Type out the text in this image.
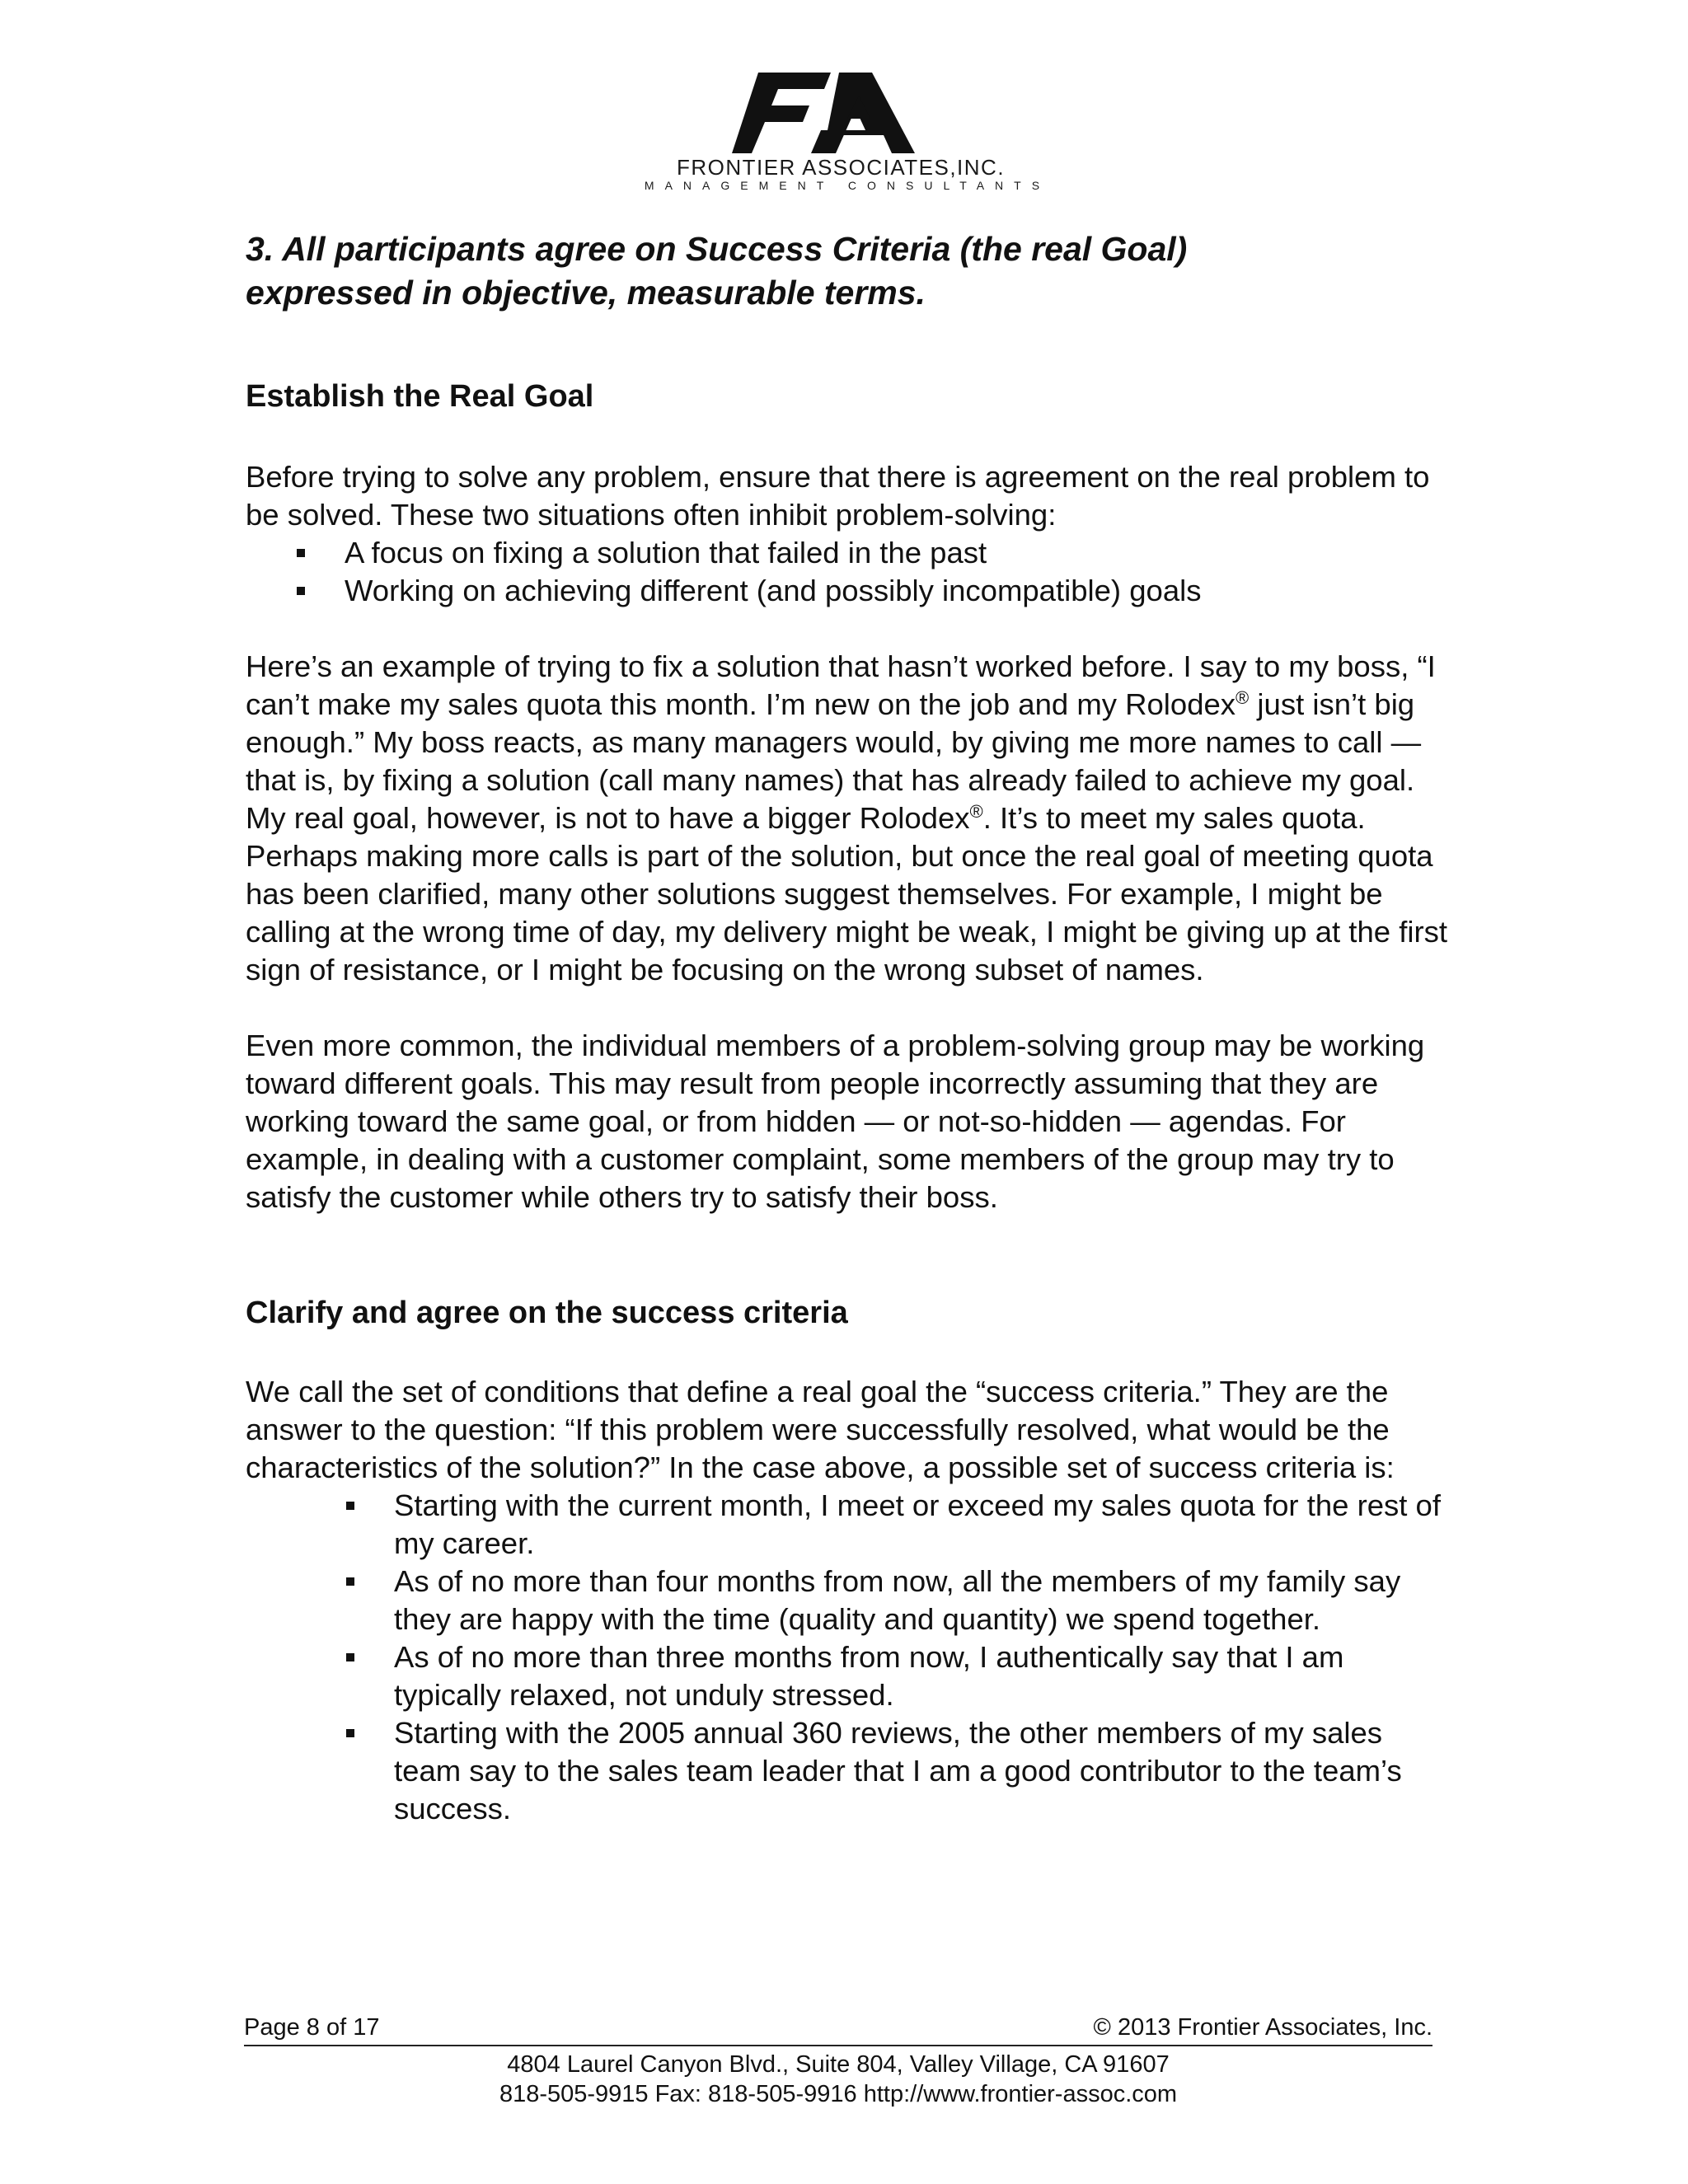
FRONTIER ASSOCIATES,INC.
MANAGEMENT CONSULTANTS
3. All participants agree on Success Criteria (the real Goal)
expressed in objective, measurable terms.
Establish the Real Goal

Before trying to solve any problem, ensure that there is agreement on the real problem to be solved. These two situations often inhibit problem-solving:

A focus on fixing a solution that failed in the past
Working on achieving different (and possibly incompatible) goals

Here’s an example of trying to fix a solution that hasn’t worked before. I say to my boss, “I can’t make my sales quota this month. I’m new on the job and my Rolodex® just isn’t big enough.” My boss reacts, as many managers would, by giving me more names to call — that is, by fixing a solution (call many names) that has already failed to achieve my goal. My real goal, however, is not to have a bigger Rolodex®. It’s to meet my sales quota. Perhaps making more calls is part of the solution, but once the real goal of meeting quota has been clarified, many other solutions suggest themselves. For example, I might be calling at the wrong time of day, my delivery might be weak, I might be giving up at the first sign of resistance, or I might be focusing on the wrong subset of names.

Even more common, the individual members of a problem-solving group may be working toward different goals. This may result from people incorrectly assuming that they are working toward the same goal, or from hidden — or not-so-hidden — agendas. For example, in dealing with a customer complaint, some members of the group may try to satisfy the customer while others try to satisfy their boss.

Clarify and agree on the success criteria

We call the set of conditions that define a real goal the “success criteria.” They are the answer to the question: “If this problem were successfully resolved, what would be the characteristics of the solution?” In the case above, a possible set of success criteria is:

Starting with the current month, I meet or exceed my sales quota for the rest of my career.
As of no more than four months from now, all the members of my family say they are happy with the time (quality and quantity) we spend together.
As of no more than three months from now, I authentically say that I am typically relaxed, not unduly stressed.
Starting with the 2005 annual 360 reviews, the other members of my sales team say to the sales team leader that I am a good contributor to the team’s success.
Page 8 of 17	© 2013 Frontier Associates, Inc.
4804 Laurel Canyon Blvd., Suite 804, Valley Village, CA 91607
818-505-9915 Fax: 818-505-9916 http://www.frontier-assoc.com
